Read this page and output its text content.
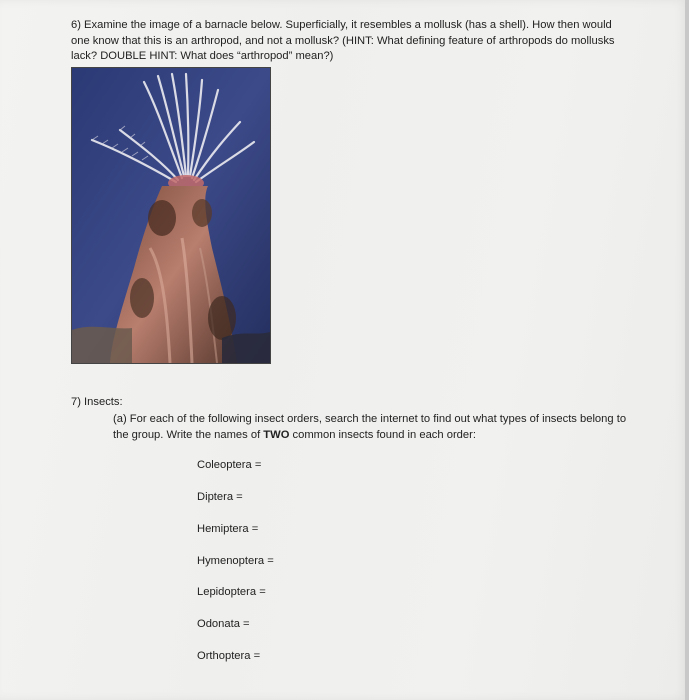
6) Examine the image of a barnacle below. Superficially, it resembles a mollusk (has a shell). How then would one know that this is an arthropod, and not a mollusk? (HINT: What defining feature of arthropods do mollusks lack? DOUBLE HINT: What does “arthropod” mean?)
7) Insects:
(a) For each of the following insect orders, search the internet to find out what types of insects belong to the group. Write the names of TWO common insects found in each order:
Coleoptera =
Diptera =
Hemiptera =
Hymenoptera =
Lepidoptera =
Odonata =
Orthoptera =
